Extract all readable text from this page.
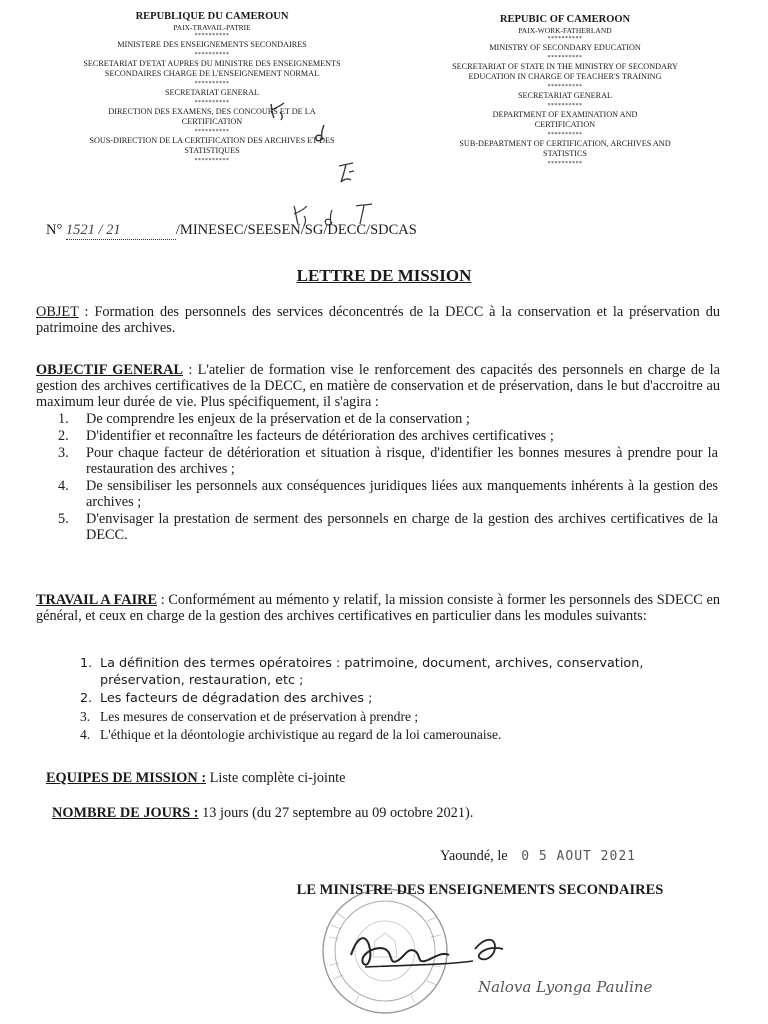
REPUBLIQUE DU CAMEROUN
PAIX-TRAVAIL-PATRIE
**********
MINISTERE DES ENSEIGNEMENTS SECONDAIRES
**********
SECRETARIAT D'ETAT AUPRES DU MINISTRE DES ENSEIGNEMENTS SECONDAIRES CHARGE DE L'ENSEIGNEMENT NORMAL
**********
SECRETARIAT GENERAL
**********
DIRECTION DES EXAMENS, DES CONCOURS ET DE LA CERTIFICATION
**********
SOUS-DIRECTION DE LA CERTIFICATION DES ARCHIVES ET DES STATISTIQUES
**********
REPUBIC OF CAMEROON
PAIX-WORK-FATHERLAND
**********
MINISTRY OF SECONDARY EDUCATION
**********
SECRETARIAT OF STATE IN THE MINISTRY OF SECONDARY EDUCATION IN CHARGE OF TEACHER'S TRAINING
**********
SECRETARIAT GENERAL
**********
DEPARTMENT OF EXAMINATION AND CERTIFICATION
**********
SUB-DEPARTMENT OF CERTIFICATION, ARCHIVES AND STATISTICS
**********
N° 1521 / 21	/MINESEC/SEESEN/SG/DECC/SDCAS
LETTRE DE MISSION
OBJET : Formation des personnels des services déconcentrés de la DECC à la conservation et la préservation du patrimoine des archives.
OBJECTIF GENERAL : L'atelier de formation vise le renforcement des capacités des personnels en charge de la gestion des archives certificatives de la DECC, en matière de conservation et de préservation, dans le but d'accroitre au maximum leur durée de vie. Plus spécifiquement, il s'agira :
1.	De comprendre les enjeux de la préservation et de la conservation ;
2.	D'identifier et reconnaître les facteurs de détérioration des archives certificatives ;
3.	Pour chaque facteur de détérioration et situation à risque, d'identifier les bonnes mesures à prendre pour la restauration des archives ;
4.	De sensibiliser les personnels aux conséquences juridiques liées aux manquements inhérents à la gestion des archives ;
5.	D'envisager la prestation de serment des personnels en charge de la gestion des archives certificatives de la DECC.
TRAVAIL A FAIRE : Conformément au mémento y relatif, la mission consiste à former les personnels des SDECC en général, et ceux en charge de la gestion des archives certificatives en particulier dans les modules suivants:
1. La définition des termes opératoires : patrimoine, document, archives, conservation, préservation, restauration, etc ;
2. Les facteurs de dégradation des archives ;
3. Les mesures de conservation et de préservation à prendre ;
4. L'éthique et la déontologie archivistique au regard de la loi camerounaise.
EQUIPES DE MISSION : Liste complète ci-jointe
NOMBRE DE JOURS : 13 jours (du 27 septembre au 09 octobre 2021).
Yaoundé, le 0 5 AOUT 2021
LE MINISTRE DES ENSEIGNEMENTS SECONDAIRES
Nalova Lyonga Pauline
